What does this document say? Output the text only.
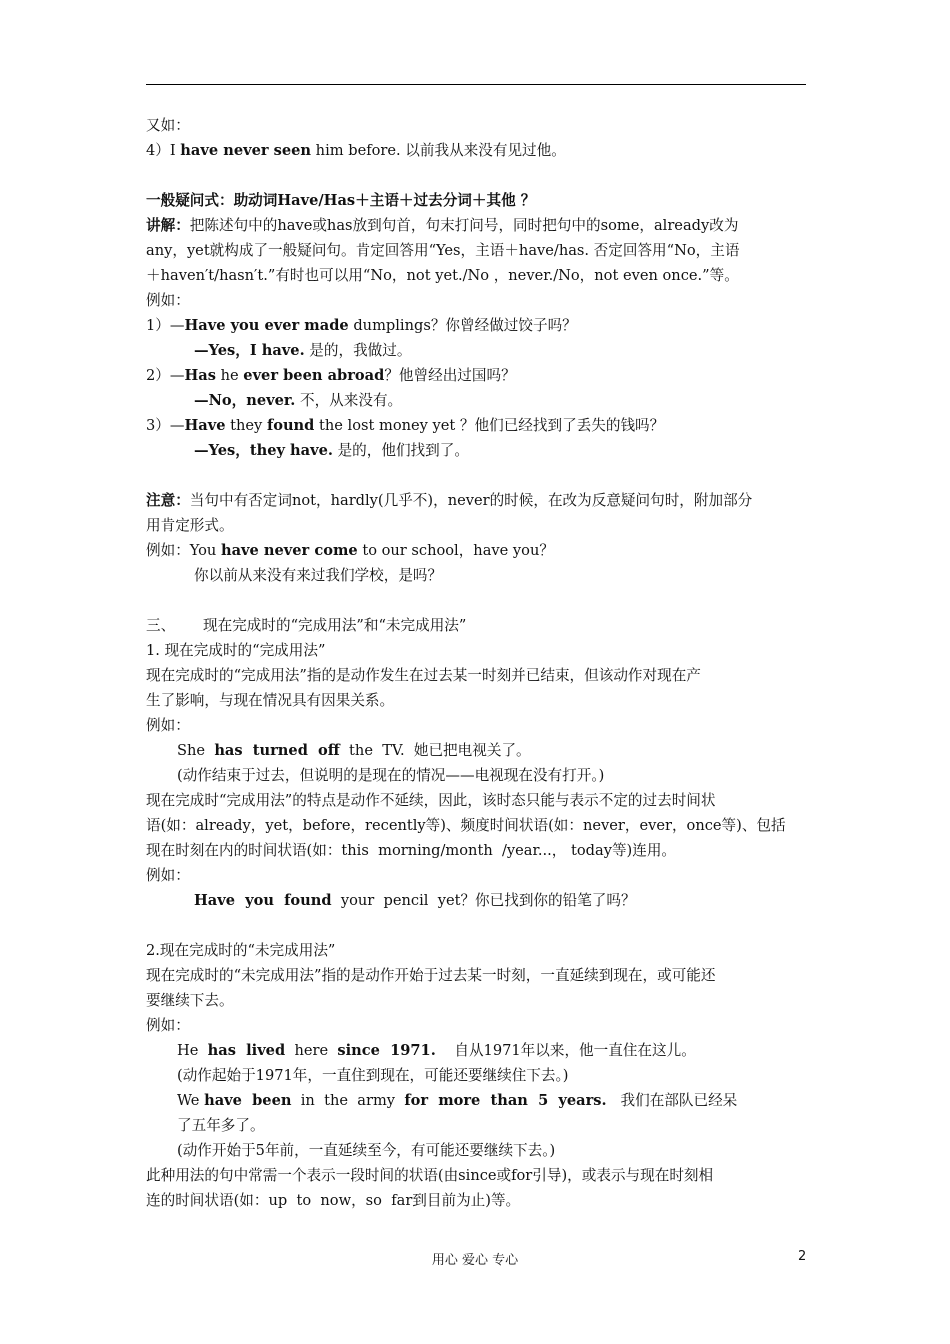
又如：
4）I have never seen him before. 以前我从来没有见过他。
一般疑问式：助动词Have/Has＋主语＋过去分词＋其他 ？
讲解：把陈述句中的have或has放到句首，句末打问号，同时把句中的some，already改为
any，yet就构成了一般疑问句。肯定回答用“Yes，主语＋have/has. 否定回答用“No，主语
＋haven′t/hasn′t.”有时也可以用“No，not yet./No ，never./No，not even once.”等。
例如：
1）—Have you ever made dumplings？你曾经做过饺子吗？
—Yes，I have. 是的，我做过。
2）—Has he ever been abroad？他曾经出过国吗？
—No，never. 不，从来没有。
3）—Have they found the lost money yet ？他们已经找到了丢失的钱吗？
—Yes，they have. 是的，他们找到了。
注意：当句中有否定词not，hardly(几乎不)，never的时候，在改为反意疑问句时，附加部分
用肯定形式。
例如：You have never come to our school，have you？
你以前从来没有来过我们学校，是吗？
三、      现在完成时的“完成用法”和“未完成用法”
1. 现在完成时的“完成用法”
现在完成时的“完成用法”指的是动作发生在过去某一时刻并已结束，但该动作对现在产
生了影响，与现在情况具有因果关系。
例如：
She  has  turned  off  the  TV.  她已把电视关了。
(动作结束于过去，但说明的是现在的情况——电视现在没有打开。)
现在完成时“完成用法”的特点是动作不延续，因此，该时态只能与表示不定的过去时间状
语(如：already，yet，before，recently等)、频度时间状语(如：never，ever，once等)、包括
现在时刻在内的时间状语(如：this  morning/month  /year...， today等)连用。
例如：
Have  you  found  your  pencil  yet？你已找到你的铅笔了吗？
2.现在完成时的“未完成用法”
现在完成时的“未完成用法”指的是动作开始于过去某一时刻，一直延续到现在，或可能还
要继续下去。
例如：
He  has  lived  here  since  1971.    自从1971年以来，他一直住在这儿。
(动作起始于1971年，一直住到现在，可能还要继续住下去。)
We have  been  in  the  army  for  more  than  5  years.   我们在部队已经呆
了五年多了。
(动作开始于5年前，一直延续至今，有可能还要继续下去。)
此种用法的句中常需一个表示一段时间的状语(由since或for引导)，或表示与现在时刻相
连的时间状语(如：up  to  now，so  far到目前为止)等。
用心 爱心 专心	2
